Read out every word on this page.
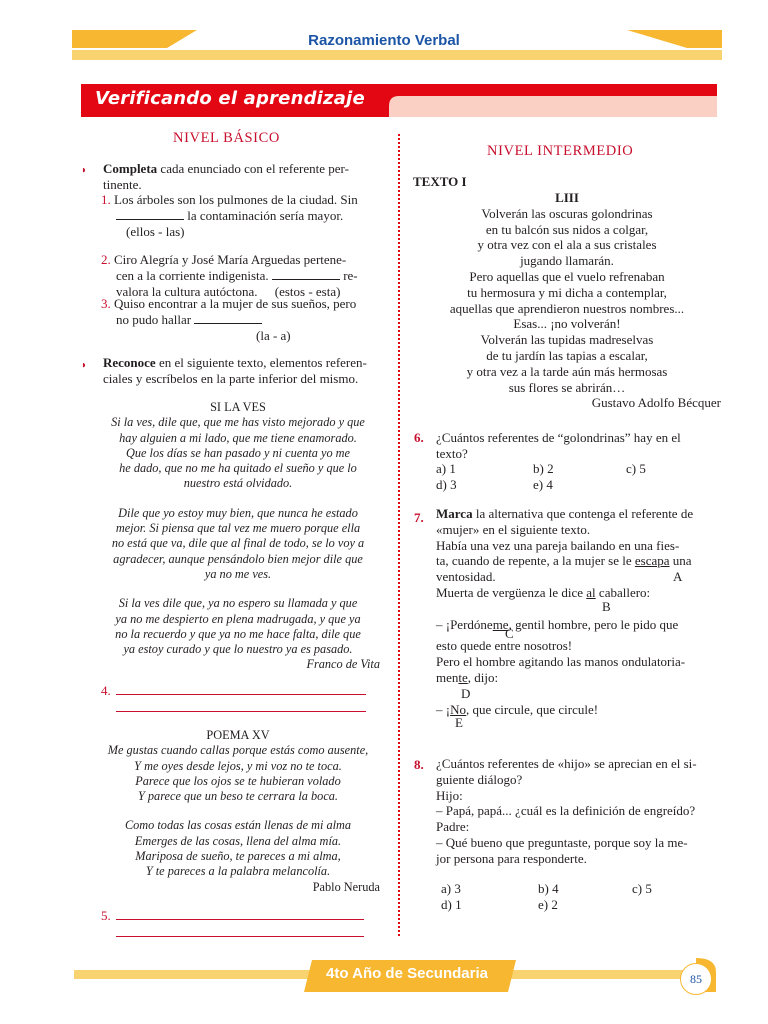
Razonamiento Verbal
Verificando el aprendizaje
NIVEL BÁSICO
◗ Completa cada enunciado con el referente per-
tinente.
1. Los árboles son los pulmones de la ciudad. Sin
la contaminación sería mayor.
(ellos - las)
2. Ciro Alegría y José María Arguedas pertene-
cen a la corriente indigenista.	re-
valora la cultura autóctona. (estos - esta)
3. Quiso encontrar a la mujer de sus sueños, pero
no pudo hallar
(la - a)
◗ Reconoce en el siguiente texto, elementos referen-
ciales y escríbelos en la parte inferior del mismo.
SI LA VES
Si la ves, dile que, que me has visto mejorado y que
hay alguien a mi lado, que me tiene enamorado.
Que los días se han pasado y ni cuenta yo me
he dado, que no me ha quitado el sueño y que lo
nuestro está olvidado.
Dile que yo estoy muy bien, que nunca he estado
mejor. Si piensa que tal vez me muero porque ella
no está que va, dile que al final de todo, se lo voy a
agradecer, aunque pensándolo bien mejor dile que
ya no me ves.
Si la ves dile que, ya no espero su llamada y que
ya no me despierto en plena madrugada, y que ya
no la recuerdo y que ya no me hace falta, dile que
ya estoy curado y que lo nuestro ya es pasado.
Franco de Vita
4.
POEMA XV
Me gustas cuando callas porque estás como ausente,
Y me oyes desde lejos, y mi voz no te toca.
Parece que los ojos se te hubieran volado
Y parece que un beso te cerrara la boca.
Como todas las cosas están llenas de mi alma
Emerges de las cosas, llena del alma mía.
Mariposa de sueño, te pareces a mi alma,
Y te pareces a la palabra melancolía.
Pablo Neruda
5.
NIVEL INTERMEDIO
TEXTO I
LIII
Volverán las oscuras golondrinas
en tu balcón sus nidos a colgar,
y otra vez con el ala a sus cristales
jugando llamarán.
Pero aquellas que el vuelo refrenaban
tu hermosura y mi dicha a contemplar,
aquellas que aprendieron nuestros nombres...
Esas... ¡no volverán!
Volverán las tupidas madreselvas
de tu jardín las tapias a escalar,
y otra vez a la tarde aún más hermosas
sus flores se abrirán…
Gustavo Adolfo Bécquer
6. ¿Cuántos referentes de “golondrinas” hay en el
texto?
a) 1	b) 2	c) 5
d) 3	e) 4
7. Marca la alternativa que contenga el referente de
«mujer» en el siguiente texto.
Había una vez una pareja bailando en una fies-
ta, cuando de repente, a la mujer se le escapa una
ventosidad.	A
Muerta de vergüenza le dice al caballero:
B
– ¡Perdóneme, gentil hombre, pero le pido que
C
esto quede entre nosotros!
Pero el hombre agitando las manos ondulatoria-
mente, dijo:
D
– ¡No, que circule, que circule!
E
8. ¿Cuántos referentes de «hijo» se aprecian en el si-
guiente diálogo?
Hijo:
– Papá, papá... ¿cuál es la definición de engreído?
Padre:
– Qué bueno que preguntaste, porque soy la me-
jor persona para responderte.
a) 3	b) 4	c) 5
d) 1	e) 2
4to Año de Secundaria	85
